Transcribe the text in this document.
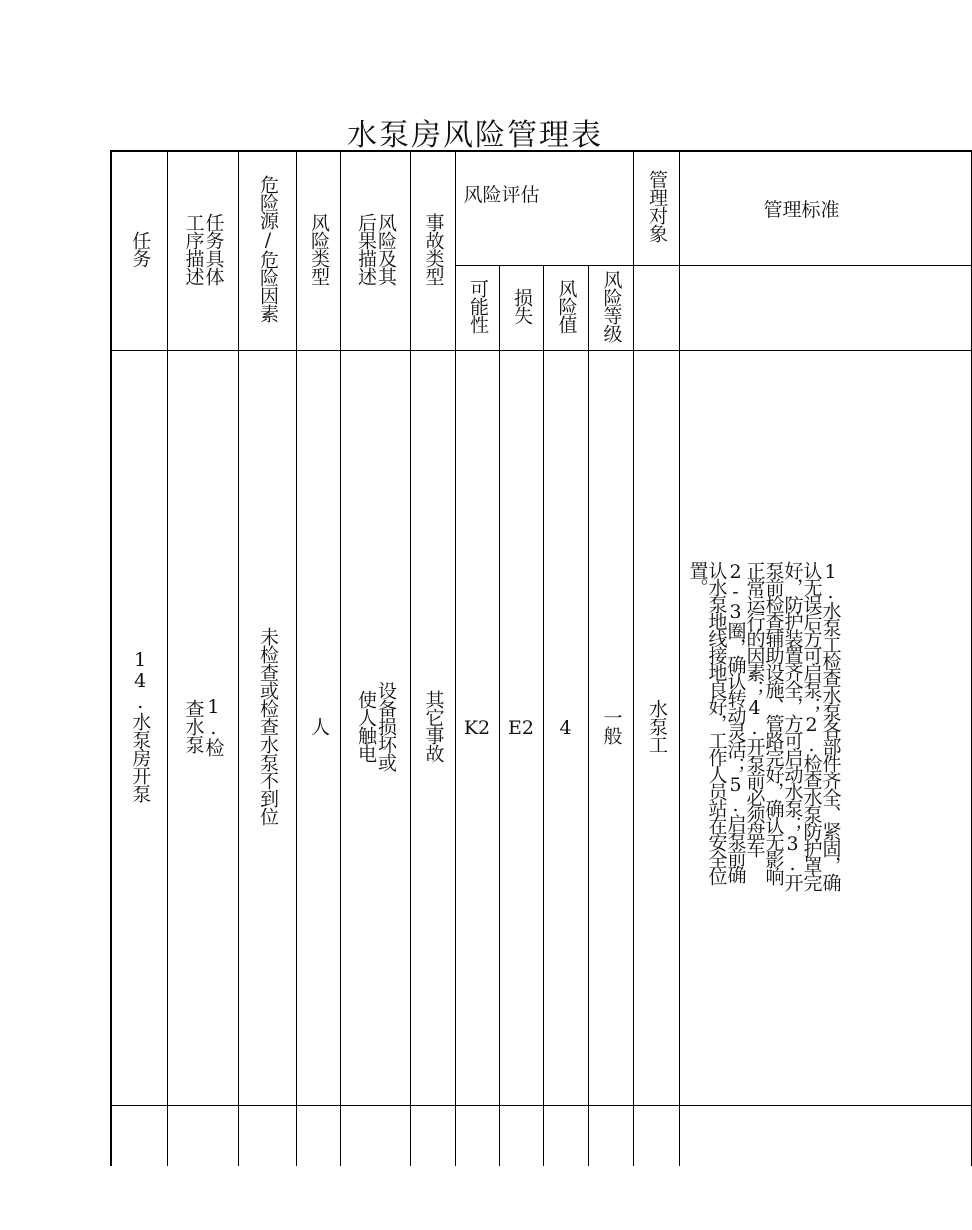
水泵房风险管理表
任务	任务具体工序描述	危险源/危险因素	风险类型	风险及其后果描述	事故类型	风险评估				管理对象	管理标准
						可能性	损失	风险值	风险等级		
14.水泵房开泵	1.检查水泵	未检查或检查水泵不到位	人	设备损坏或使人触电	其它事故	K2	E2	4	一般	水泵工	1.水泵工检查水泵各部件齐全、紧固，确认无误后方可启泵；2.检查水泵防护罩完好，防护装置齐全，方可启动水泵；3.开泵前检查辅助设施、管路完好，确认无影响正常运行的因素；4.开泵前必须盘车2-3圈，确认转动灵活；5.启泵前确认水泵地线接地良好，工作人员站在安全位置。
